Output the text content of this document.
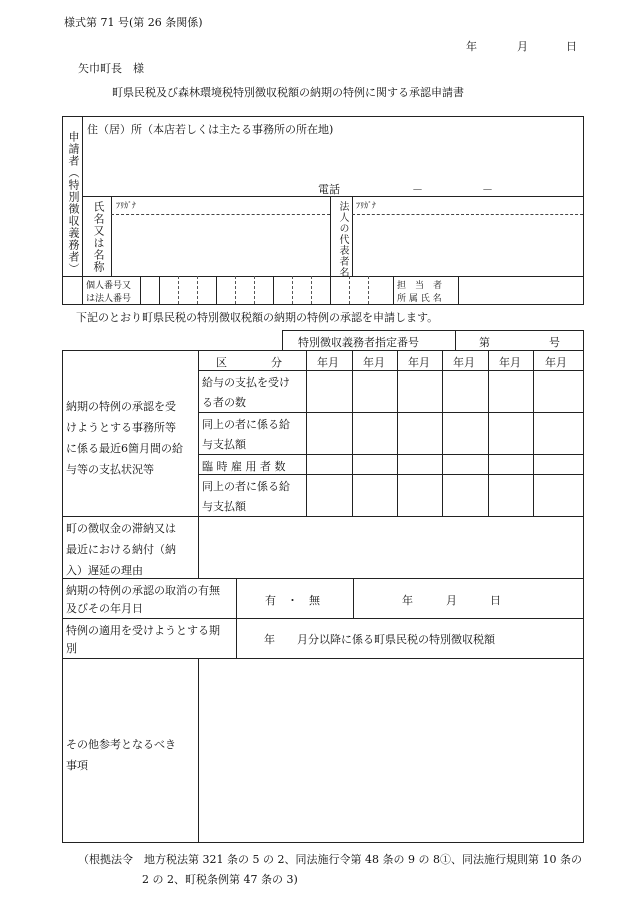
様式第 71 号(第 26 条関係)
年	月	日
矢巾町長　様
町県民税及び森林環境税特別徴収税額の納期の特例に関する承認申請書
申請者（特別徴収義務者）
住（居）所（本店若しくは主たる事務所の所在地)
電話	－	－
氏名又は名称 ﾌﾘｶﾞﾅ	法人の代表者名 ﾌﾘｶﾞﾅ
個人番号又
は法人番号
担　当　者
所 属 氏 名
下記のとおり町県民税の特別徴収税額の納期の特例の承認を申請します。
特別徴収義務者指定番号	第	号
納期の特例の承認を受
けようとする事務所等
に係る最近6箇月間の給
与等の支払状況等
区　　　　分	年月 年月 年月 年月 年月 年月
給与の支払を受け
る者の数
同上の者に係る給
与支払額
臨 時 雇 用 者 数
同上の者に係る給
与支払額
町の徴収金の滞納又は
最近における納付（納
入）遅延の理由
納期の特例の承認の取消の有無
及びその年月日
有　・　無	年　　　月　　　日
特例の適用を受けようとする期
別
年　　月分以降に係る町県民税の特別徴収税額
その他参考となるべき
事項
（根拠法令　地方税法第 321 条の 5 の 2、同法施行令第 48 条の 9 の 8①、同法施行規則第 10 条の
2 の 2、町税条例第 47 条の 3)
